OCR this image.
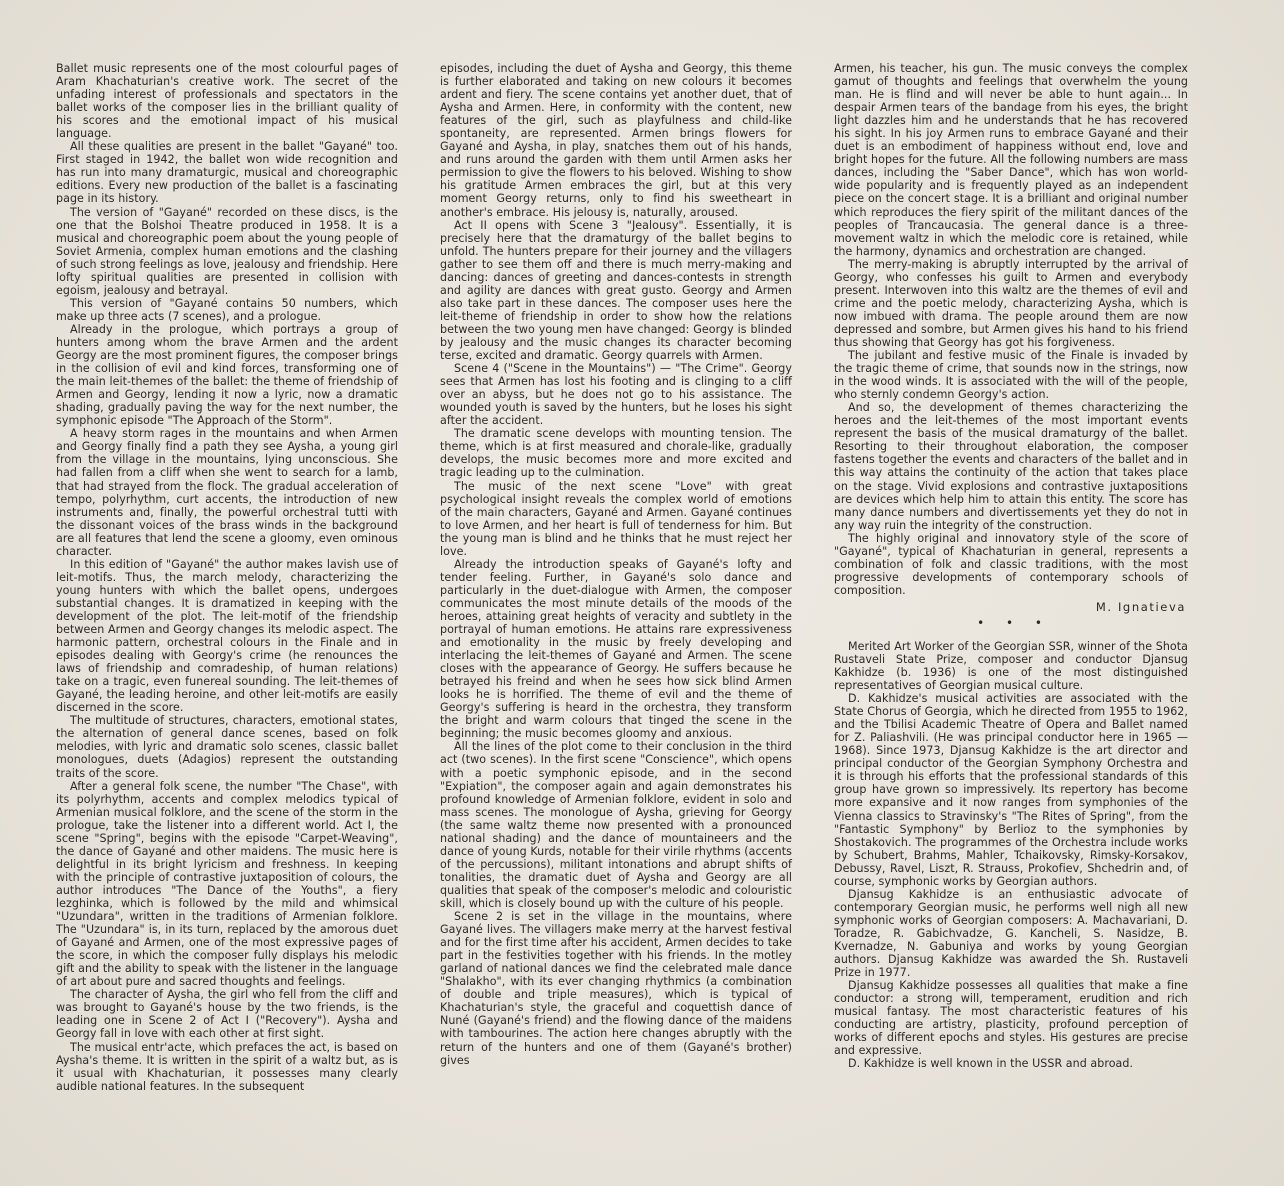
Ballet music represents one of the most colourful pages of Aram Khachaturian's creative work. The secret of the unfading interest of professionals and spectators in the ballet works of the composer lies in the brilliant quality of his scores and the emotional impact of his musical language.

All these qualities are present in the ballet "Gayané" too. First staged in 1942, the ballet won wide recognition and has run into many dramaturgic, musical and choreographic editions. Every new production of the ballet is a fascinating page in its history.

The version of "Gayané" recorded on these discs, is the one that the Bolshoi Theatre produced in 1958. It is a musical and choreographic poem about the young people of Soviet Armenia, complex human emotions and the clashing of such strong feelings as love, jealousy and friendship. Here lofty spiritual qualities are presented in collision with egoism, jealousy and betrayal.

This version of "Gayané contains 50 numbers, which make up three acts (7 scenes), and a prologue.

Already in the prologue, which portrays a group of hunters among whom the brave Armen and the ardent Georgy are the most prominent figures, the composer brings in the collision of evil and kind forces, transforming one of the main leit-themes of the ballet: the theme of friendship of Armen and Georgy, lending it now a lyric, now a dramatic shading, gradually paving the way for the next number, the symphonic episode "The Approach of the Storm".

A heavy storm rages in the mountains and when Armen and Georgy finally find a path they see Aysha, a young girl from the village in the mountains, lying unconscious. She had fallen from a cliff when she went to search for a lamb, that had strayed from the flock. The gradual acceleration of tempo, polyrhythm, curt accents, the introduction of new instruments and, finally, the powerful orchestral tutti with the dissonant voices of the brass winds in the background are all features that lend the scene a gloomy, even ominous character.

In this edition of "Gayané" the author makes lavish use of leit-motifs. Thus, the march melody, characterizing the young hunters with which the ballet opens, undergoes substantial changes. It is dramatized in keeping with the development of the plot. The leit-motif of the friendship between Armen and Georgy changes its melodic aspect. The harmonic pattern, orchestral colours in the Finale and in episodes dealing with Georgy's crime (he renounces the laws of friendship and comradeship, of human relations) take on a tragic, even funereal sounding. The leit-themes of Gayané, the leading heroine, and other leit-motifs are easily discerned in the score.

The multitude of structures, characters, emotional states, the alternation of general dance scenes, based on folk melodies, with lyric and dramatic solo scenes, classic ballet monologues, duets (Adagios) represent the outstanding traits of the score.

After a general folk scene, the number "The Chase", with its polyrhythm, accents and complex melodics typical of Armenian musical folklore, and the scene of the storm in the prologue, take the listener into a different world. Act I, the scene "Spring", begins with the episode "Carpet-Weaving", the dance of Gayané and other maidens. The music here is delightful in its bright lyricism and freshness. In keeping with the principle of contrastive juxtaposition of colours, the author introduces "The Dance of the Youths", a fiery lezghinka, which is followed by the mild and whimsical "Uzundara", written in the traditions of Armenian folklore. The "Uzundara" is, in its turn, replaced by the amorous duet of Gayané and Armen, one of the most expressive pages of the score, in which the composer fully displays his melodic gift and the ability to speak with the listener in the language of art about pure and sacred thoughts and feelings.

The character of Aysha, the girl who fell from the cliff and was brought to Gayané's house by the two friends, is the leading one in Scene 2 of Act I ("Recovery"). Aysha and Georgy fall in love with each other at first sight.

The musical entr'acte, which prefaces the act, is based on Aysha's theme. It is written in the spirit of a waltz but, as is it usual with Khachaturian, it possesses many clearly audible national features. In the subsequent

episodes, including the duet of Aysha and Georgy, this theme is further elaborated and taking on new colours it becomes ardent and fiery. The scene contains yet another duet, that of Aysha and Armen. Here, in conformity with the content, new features of the girl, such as playfulness and child-like spontaneity, are represented. Armen brings flowers for Gayané and Aysha, in play, snatches them out of his hands, and runs around the garden with them until Armen asks her permission to give the flowers to his beloved. Wishing to show his gratitude Armen embraces the girl, but at this very moment Georgy returns, only to find his sweetheart in another's embrace. His jelousy is, naturally, aroused.

Act II opens with Scene 3 "Jealousy". Essentially, it is precisely here that the dramaturgy of the ballet begins to unfold. The hunters prepare for their journey and the villagers gather to see them off and there is much merry-making and dancing: dances of greeting and dances-contests in strength and agility are dances with great gusto. Georgy and Armen also take part in these dances. The composer uses here the leit-theme of friendship in order to show how the relations between the two young men have changed: Georgy is blinded by jealousy and the music changes its character becoming terse, excited and dramatic. Georgy quarrels with Armen.

Scene 4 ("Scene in the Mountains") — "The Crime". Georgy sees that Armen has lost his footing and is clinging to a cliff over an abyss, but he does not go to his assistance. The wounded youth is saved by the hunters, but he loses his sight after the accident.

The dramatic scene develops with mounting tension. The theme, which is at first measured and chorale-like, gradually develops, the music becomes more and more excited and tragic leading up to the culmination.

The music of the next scene "Love" with great psychological insight reveals the complex world of emotions of the main characters, Gayané and Armen. Gayané continues to love Armen, and her heart is full of tenderness for him. But the young man is blind and he thinks that he must reject her love.

Already the introduction speaks of Gayané's lofty and tender feeling. Further, in Gayané's solo dance and particularly in the duet-dialogue with Armen, the composer communicates the most minute details of the moods of the heroes, attaining great heights of veracity and subtlety in the portrayal of human emotions. He attains rare expressiveness and emotionality in the music by freely developing and interlacing the leit-themes of Gayané and Armen. The scene closes with the appearance of Georgy. He suffers because he betrayed his freind and when he sees how sick blind Armen looks he is horrified. The theme of evil and the theme of Georgy's suffering is heard in the orchestra, they transform the bright and warm colours that tinged the scene in the beginning; the music becomes gloomy and anxious.

All the lines of the plot come to their conclusion in the third act (two scenes). In the first scene "Conscience", which opens with a poetic symphonic episode, and in the second "Expiation", the composer again and again demonstrates his profound knowledge of Armenian folklore, evident in solo and mass scenes. The monologue of Aysha, grieving for Georgy (the same waltz theme now presented with a pronounced national shading) and the dance of mountaineers and the dance of young Kurds, notable for their virile rhythms (accents of the percussions), militant intonations and abrupt shifts of tonalities, the dramatic duet of Aysha and Georgy are all qualities that speak of the composer's melodic and colouristic skill, which is closely bound up with the culture of his people.

Scene 2 is set in the village in the mountains, where Gayané lives. The villagers make merry at the harvest festival and for the first time after his accident, Armen decides to take part in the festivities together with his friends. In the motley garland of national dances we find the celebrated male dance "Shalakho", with its ever changing rhythmics (a combination of double and triple measures), which is typical of Khachaturian's style, the graceful and coquettish dance of Nuné (Gayané's friend) and the flowing dance of the maidens with tambourines. The action here changes abruptly with the return of the hunters and one of them (Gayané's brother) gives

Armen, his teacher, his gun. The music conveys the complex gamut of thoughts and feelings that overwhelm the young man. He is flind and will never be able to hunt again... In despair Armen tears of the bandage from his eyes, the bright light dazzles him and he understands that he has recovered his sight. In his joy Armen runs to embrace Gayané and their duet is an embodiment of happiness without end, love and bright hopes for the future. All the following numbers are mass dances, including the "Saber Dance", which has won world-wide popularity and is frequently played as an independent piece on the concert stage. It is a brilliant and original number which reproduces the fiery spirit of the militant dances of the peoples of Trancaucasia. The general dance is a three-movement waltz in which the melodic core is retained, while the harmony, dynamics and orchestration are changed.

The merry-making is abruptly interrupted by the arrival of Georgy, who confesses his guilt to Armen and everybody present. Interwoven into this waltz are the themes of evil and crime and the poetic melody, characterizing Aysha, which is now imbued with drama. The people around them are now depressed and sombre, but Armen gives his hand to his friend thus showing that Georgy has got his forgiveness.

The jubilant and festive music of the Finale is invaded by the tragic theme of crime, that sounds now in the strings, now in the wood winds. It is associated with the will of the people, who sternly condemn Georgy's action.

And so, the development of themes characterizing the heroes and the leit-themes of the most important events represent the basis of the musical dramaturgy of the ballet. Resorting to their throughout elaboration, the composer fastens together the events and characters of the ballet and in this way attains the continuity of the action that takes place on the stage. Vivid explosions and contrastive juxtapositions are devices which help him to attain this entity. The score has many dance numbers and divertissements yet they do not in any way ruin the integrity of the construction.

The highly original and innovatory style of the score of "Gayané", typical of Khachaturian in general, represents a combination of folk and classic traditions, with the most progressive developments of contemporary schools of composition.

M. Ignatieva
• • •

Merited Art Worker of the Georgian SSR, winner of the Shota Rustaveli State Prize, composer and conductor Djansug Kakhidze (b. 1936) is one of the most distinguished representatives of Georgian musical culture.

D. Kakhidze's musical activities are associated with the State Chorus of Georgia, which he directed from 1955 to 1962, and the Tbilisi Academic Theatre of Opera and Ballet named for Z. Paliashvili. (He was principal conductor here in 1965 — 1968). Since 1973, Djansug Kakhidze is the art director and principal conductor of the Georgian Symphony Orchestra and it is through his efforts that the professional standards of this group have grown so impressively. Its repertory has become more expansive and it now ranges from symphonies of the Vienna classics to Stravinsky's "The Rites of Spring", from the "Fantastic Symphony" by Berlioz to the symphonies by Shostakovich. The programmes of the Orchestra include works by Schubert, Brahms, Mahler, Tchaikovsky, Rimsky-Korsakov, Debussy, Ravel, Liszt, R. Strauss, Prokofiev, Shchedrin and, of course, symphonic works by Georgian authors.

Djansug Kakhidze is an enthusiastic advocate of contemporary Georgian music, he performs well nigh all new symphonic works of Georgian composers: A. Machavariani, D. Toradze, R. Gabichvadze, G. Kancheli, S. Nasidze, B. Kvernadze, N. Gabuniya and works by young Georgian authors. Djansug Kakhidze was awarded the Sh. Rustaveli Prize in 1977.

Djansug Kakhidze possesses all qualities that make a fine conductor: a strong will, temperament, erudition and rich musical fantasy. The most characteristic features of his conducting are artistry, plasticity, profound perception of works of different epochs and styles. His gestures are precise and expressive.

D. Kakhidze is well known in the USSR and abroad.
